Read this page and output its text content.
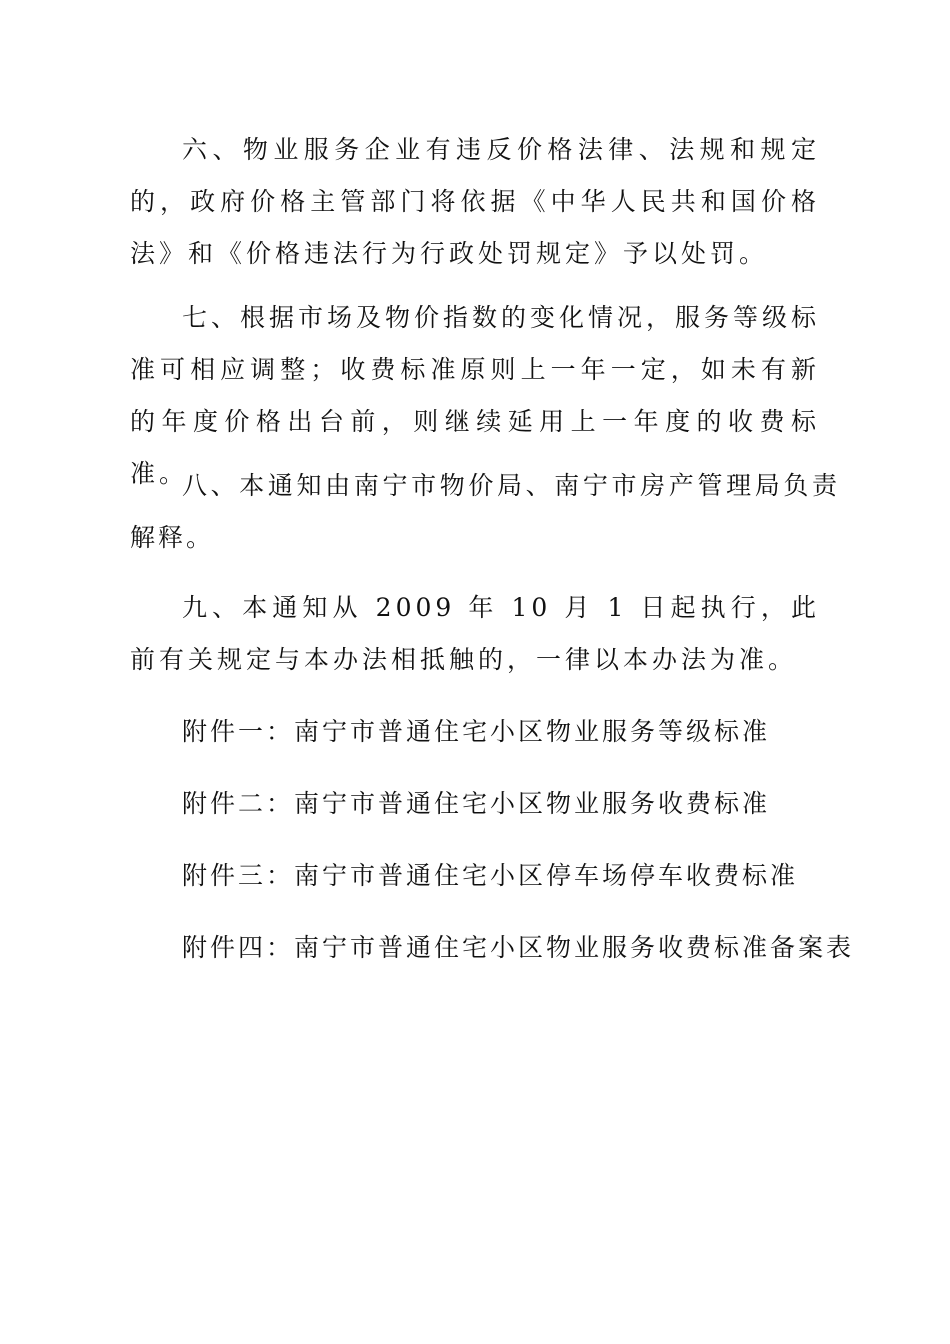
六、物业服务企业有违反价格法律、法规和规定的，政府价格主管部门将依据《中华人民共和国价格法》和《价格违法行为行政处罚规定》予以处罚。

七、根据市场及物价指数的变化情况，服务等级标准可相应调整；收费标准原则上一年一定，如未有新的年度价格出台前，则继续延用上一年度的收费标准。

八、本通知由南宁市物价局、南宁市房产管理局负责解释。

九、本通知从 2009 年 10 月 1 日起执行，此前有关规定与本办法相抵触的，一律以本办法为准。

附件一：南宁市普通住宅小区物业服务等级标准

附件二：南宁市普通住宅小区物业服务收费标准

附件三：南宁市普通住宅小区停车场停车收费标准

附件四：南宁市普通住宅小区物业服务收费标准备案表
